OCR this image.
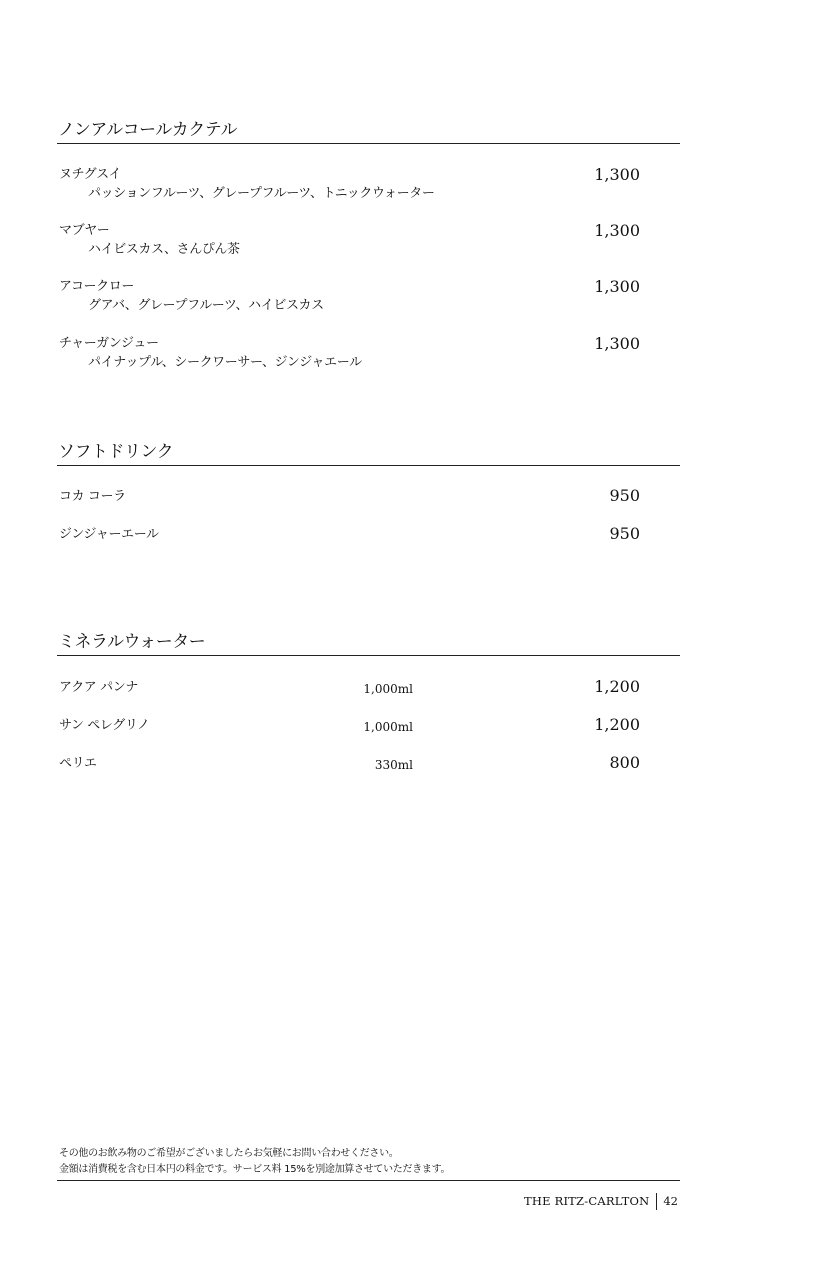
ノンアルコールカクテル
ヌチグスイ
パッションフルーツ、グレープフルーツ、トニックウォーター
1,300
マブヤー
ハイビスカス、さんぴん茶
1,300
アコークロー
グアバ、グレープフルーツ、ハイビスカス
1,300
チャーガンジュー
パイナップル、シークワーサー、ジンジャエール
1,300
ソフトドリンク
コカ コーラ	950
ジンジャーエール	950
ミネラルウォーター
アクア パンナ	1,000ml	1,200
サン ペレグリノ	1,000ml	1,200
ペリエ	330ml	800
その他のお飲み物のご希望がございましたらお気軽にお問い合わせください。
金額は消費税を含む日本円の料金です。サービス料 15%を別途加算させていただきます。
THE RITZ-CARLTON 42
